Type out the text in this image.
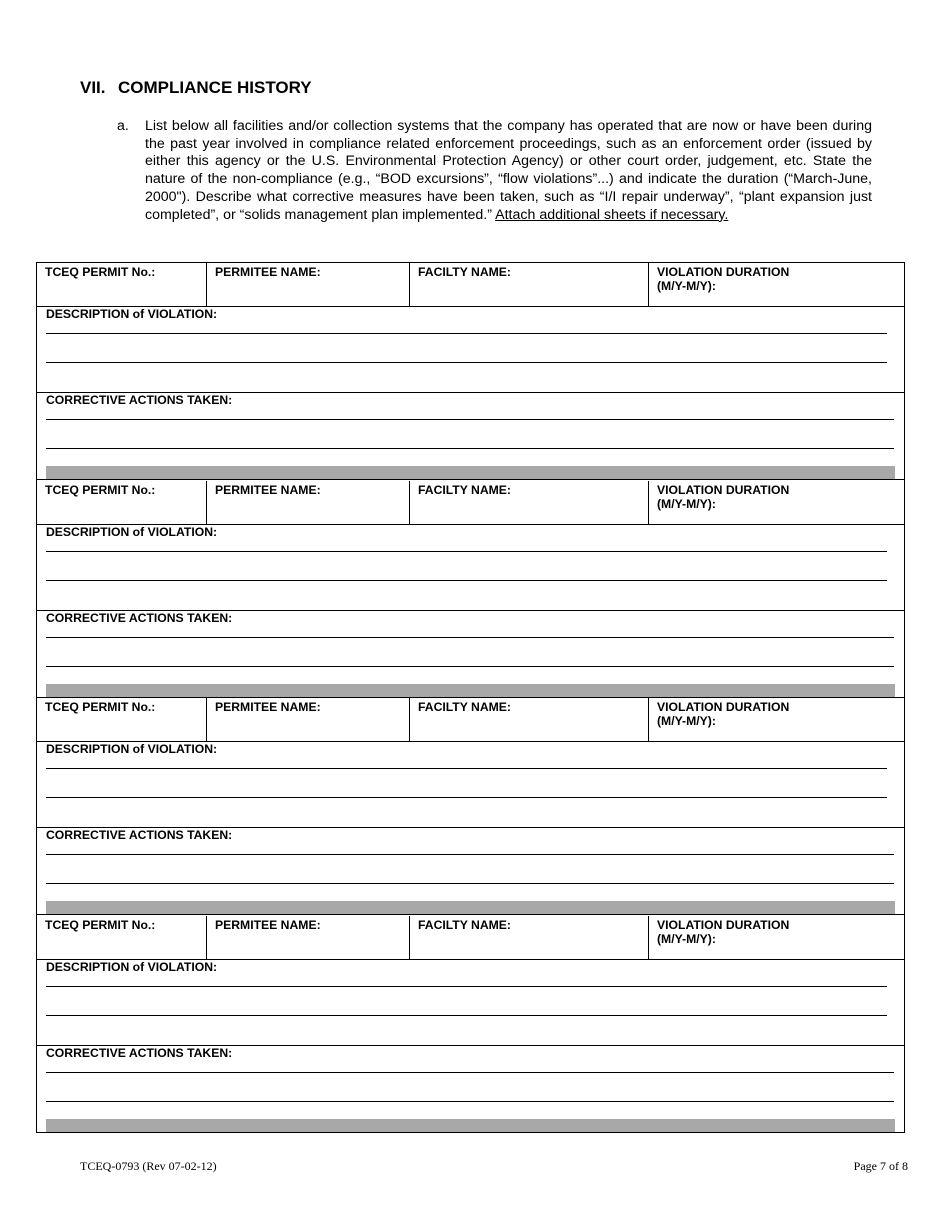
VII. COMPLIANCE HISTORY
a. List below all facilities and/or collection systems that the company has operated that are now or have been during the past year involved in compliance related enforcement proceedings, such as an enforcement order (issued by either this agency or the U.S. Environmental Protection Agency) or other court order, judgement, etc. State the nature of the non-compliance (e.g., “BOD excursions”, “flow violations”...) and indicate the duration (“March-June, 2000"). Describe what corrective measures have been taken, such as “I/I repair underway”, “plant expansion just completed”, or “solids management plan implemented.” Attach additional sheets if necessary.
TCEQ PERMIT No.:	PERMITEE NAME:	FACILTY NAME:	VIOLATION DURATION
(M/Y-M/Y):
DESCRIPTION of VIOLATION:
CORRECTIVE ACTIONS TAKEN:
TCEQ PERMIT No.:	PERMITEE NAME:	FACILTY NAME:	VIOLATION DURATION
(M/Y-M/Y):
DESCRIPTION of VIOLATION:
CORRECTIVE ACTIONS TAKEN:
TCEQ PERMIT No.:	PERMITEE NAME:	FACILTY NAME:	VIOLATION DURATION
(M/Y-M/Y):
DESCRIPTION of VIOLATION:
CORRECTIVE ACTIONS TAKEN:
TCEQ PERMIT No.:	PERMITEE NAME:	FACILTY NAME:	VIOLATION DURATION
(M/Y-M/Y):
DESCRIPTION of VIOLATION:
CORRECTIVE ACTIONS TAKEN:
TCEQ-0793 (Rev 07-02-12)	Page 7 of 8
